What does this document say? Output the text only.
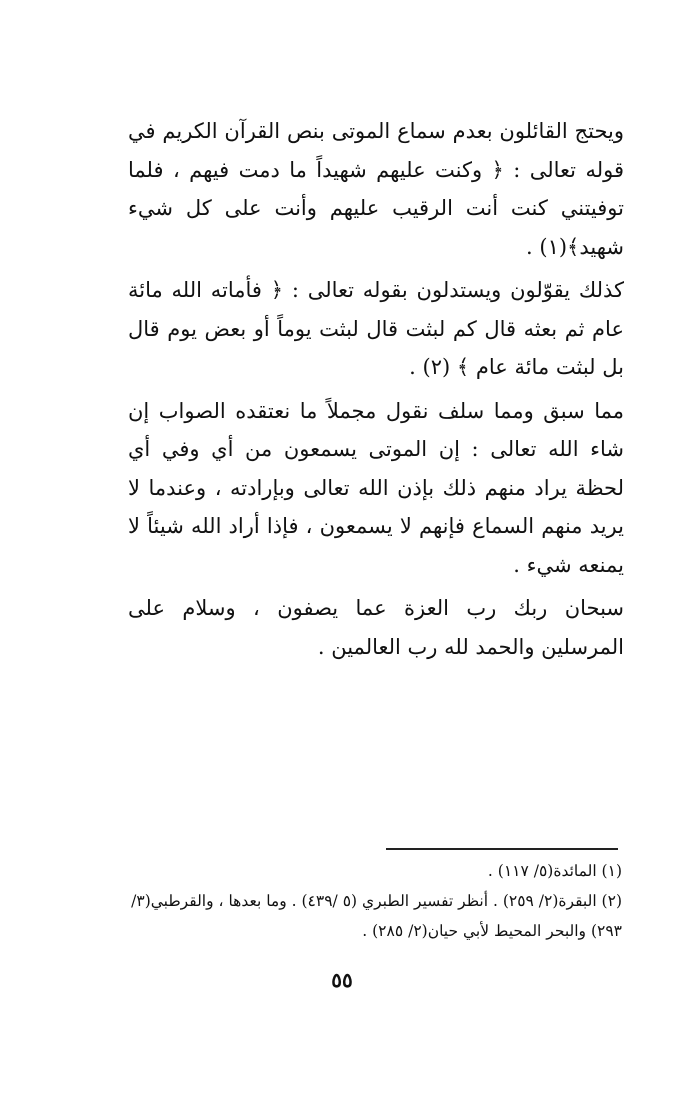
ويحتج القائلون بعدم سماع الموتى بنص القرآن الكريم في قوله تعالى : ﴿ وكنت عليهم شهيداً ما دمت فيهم ، فلما توفيتني كنت أنت الرقيب عليهم وأنت على كل شيء شهيد﴾(١) .

كذلك يقوّلون ويستدلون بقوله تعالى : ﴿ فأماته الله مائة عام ثم بعثه قال كم لبثت قال لبثت يوماً أو بعض يوم قال بل لبثت مائة عام ﴾ (٢) .

مما سبق ومما سلف نقول مجملاً ما نعتقده الصواب إن شاء الله تعالى : إن الموتى يسمعون من أي وفي أي لحظة يراد منهم ذلك بإذن الله تعالى وبإرادته ، وعندما لا يريد منهم السماع فإنهم لا يسمعون ، فإذا أراد الله شيئاً لا يمنعه شيء .

سبحان ربك رب العزة عما يصفون ، وسلام على المرسلين والحمد لله رب العالمين .

(١) المائدة(٥/ ١١٧) .

(٢) البقرة(٢/ ٢٥٩) . أنظر تفسير الطبري (٥ /٤٣٩) . وما بعدها ، والقرطبي(٣/ ٢٩٣) والبحر المحيط لأبي حيان(٢/ ٢٨٥) .

٥٥
